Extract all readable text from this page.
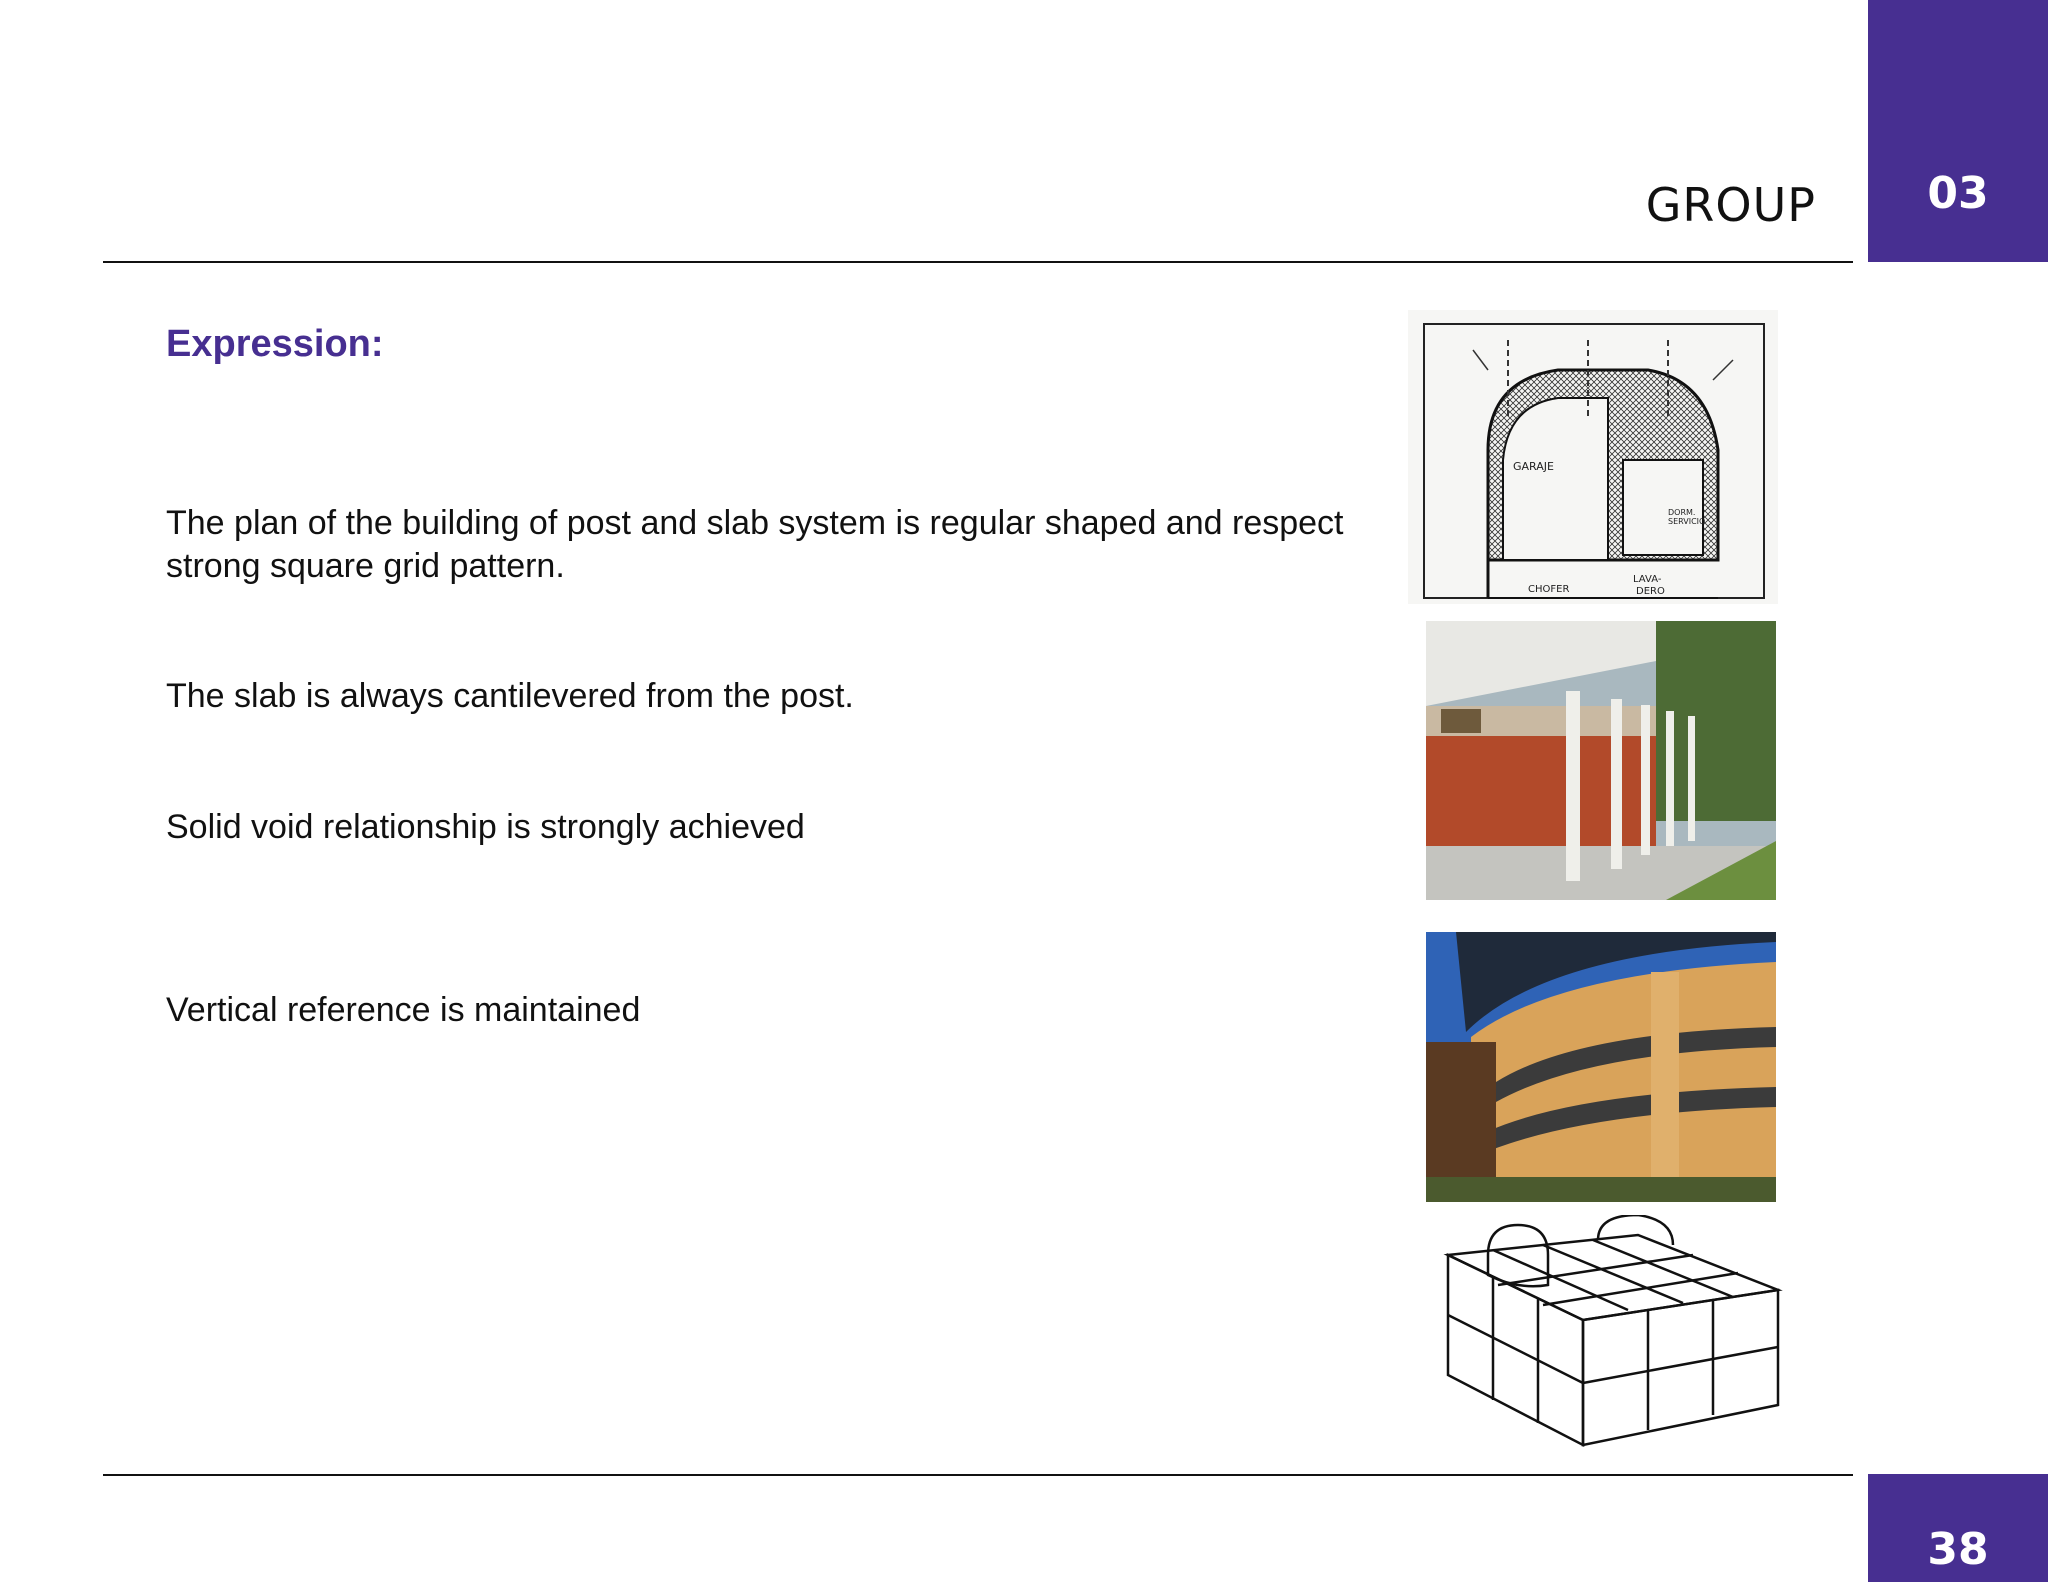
GROUP	03
Expression:
The plan of the building of post and slab system is regular shaped and respect strong square grid pattern.
The slab is always cantilevered from the post.
Solid void relationship is strongly achieved
Vertical reference is maintained
GARAJE
CHOFER
LAVA-
DERO
DORM.
SERVICIO
38
